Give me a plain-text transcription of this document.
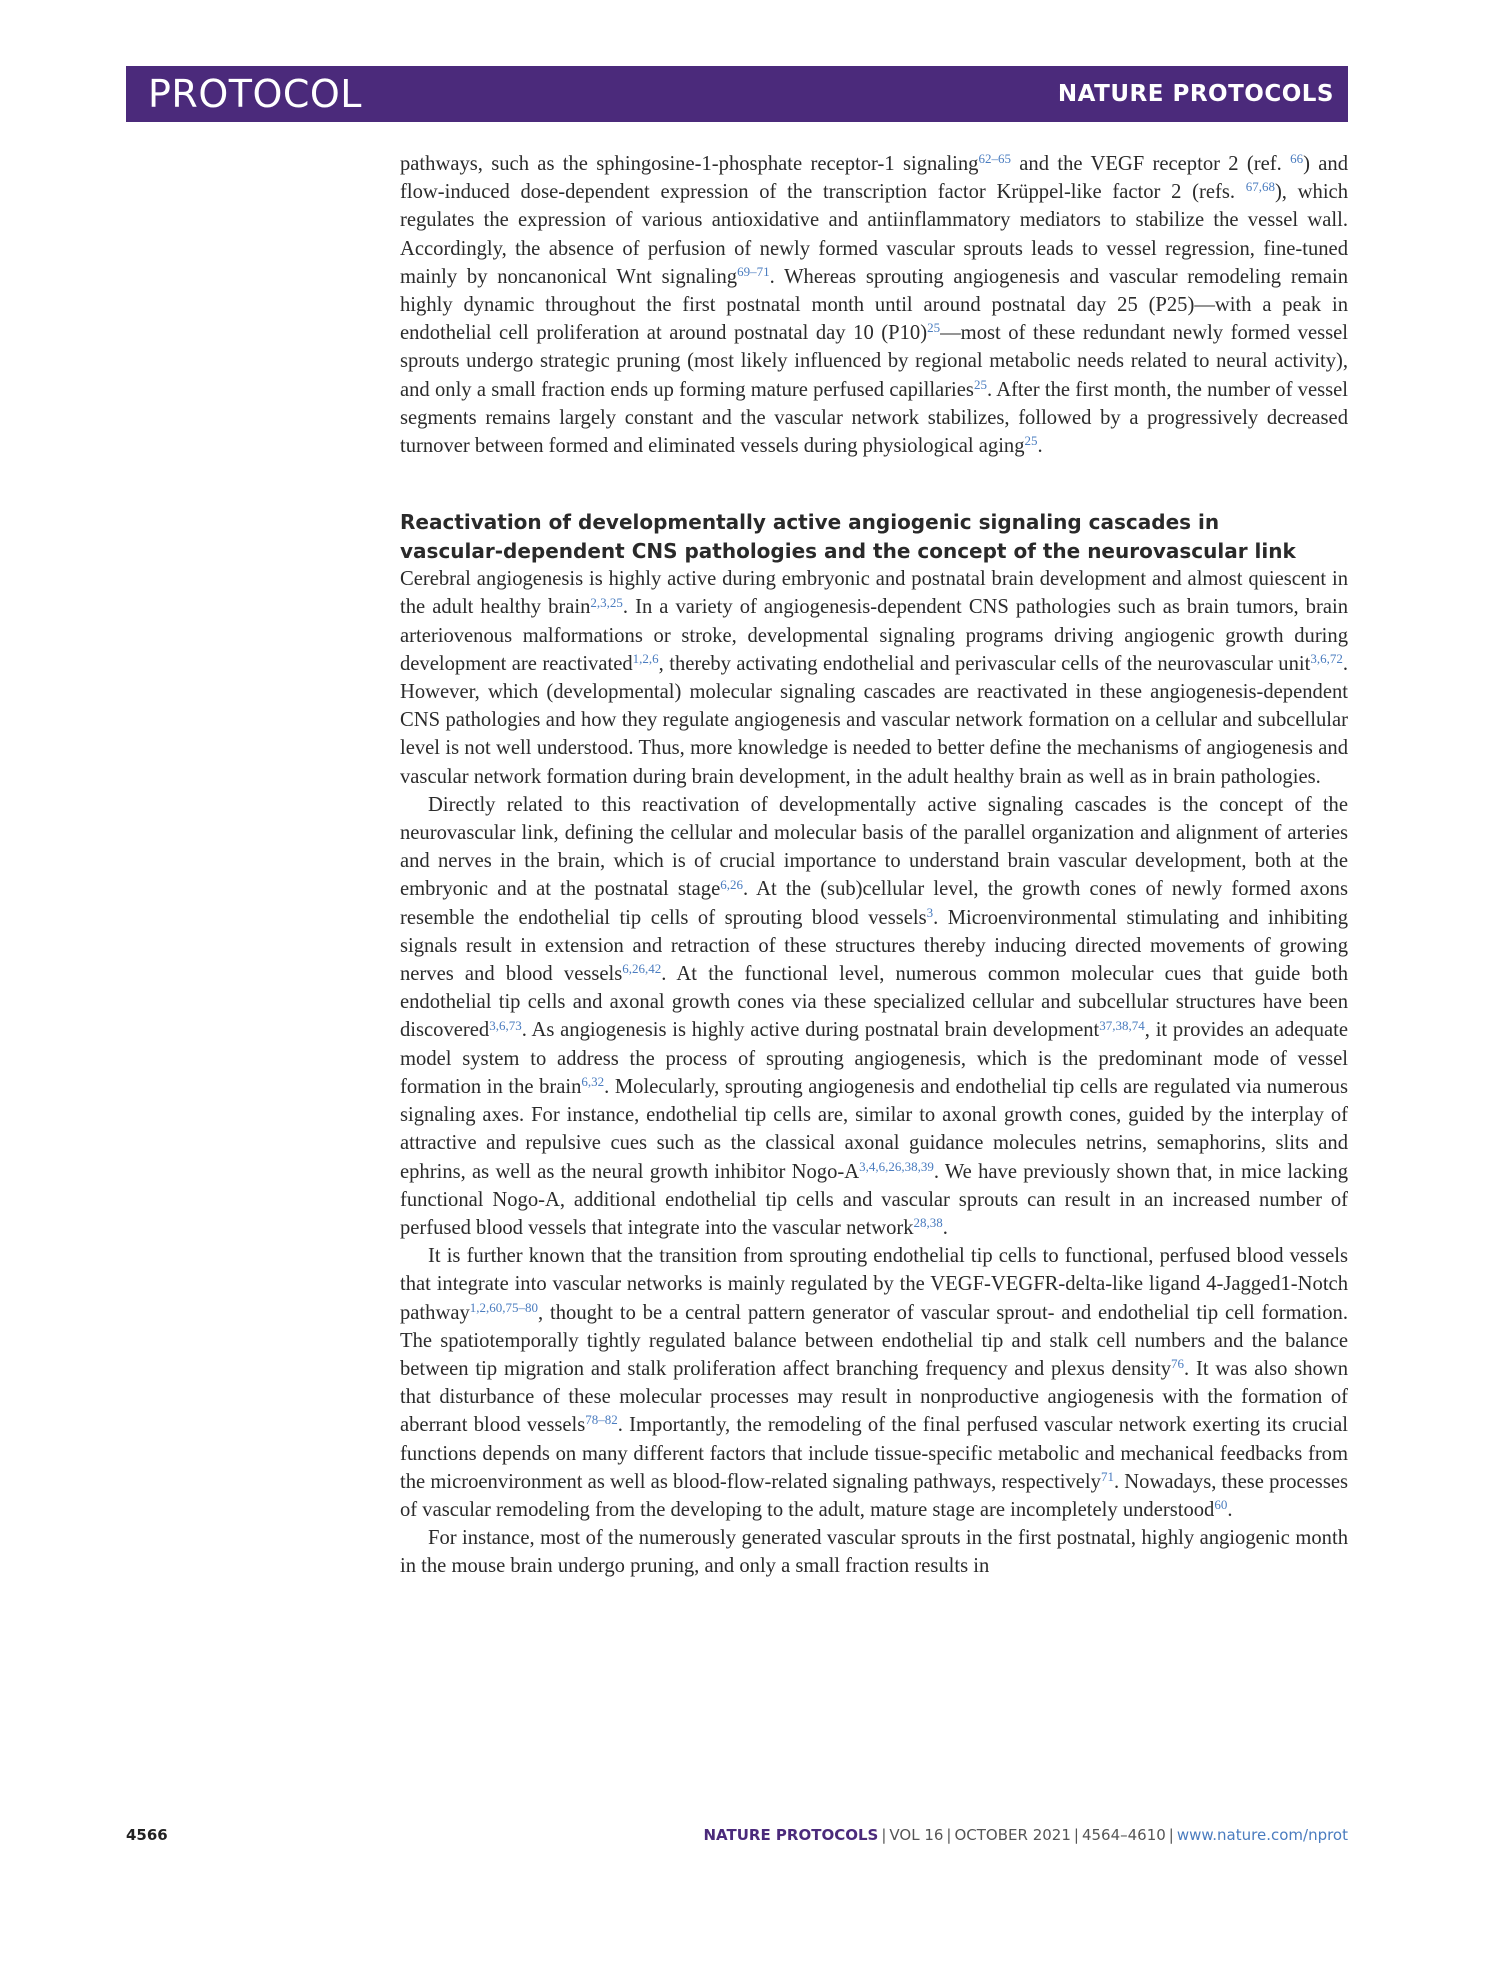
PROTOCOL	NATURE PROTOCOLS

pathways, such as the sphingosine-1-phosphate receptor-1 signaling$^{62-65}$ and the VEGF receptor 2 (ref. $^{66}$) and flow-induced dose-dependent expression of the transcription factor Krüppel-like factor 2 (refs. $^{67,68}$), which regulates the expression of various antioxidative and antiinflammatory mediators to stabilize the vessel wall. Accordingly, the absence of perfusion of newly formed vascular sprouts leads to vessel regression, fine-tuned mainly by noncanonical Wnt signaling$^{69-71}$. Whereas sprouting angiogenesis and vascular remodeling remain highly dynamic throughout the first postnatal month until around postnatal day 25 (P25)—with a peak in endothelial cell proliferation at around postnatal day 10 $(P10)^{25}—most$ of these redundant newly formed vessel sprouts undergo strategic pruning (most likely influenced by regional metabolic needs related to neural activity), and only a small fraction ends up forming mature perfused capillaries$^{25}$. After the first month, the number of vessel segments remains largely constant and the vascular network stabilizes, followed by a progressively decreased turnover between formed and eliminated vessels during physiological aging$^{25}$.

Reactivation of developmentally active angiogenic signaling cascades in
vascular-dependent CNS pathologies and the concept of the neurovascular link

Cerebral angiogenesis is highly active during embryonic and postnatal brain development and almost quiescent in the adult healthy brain$^{2,3,25}$. In a variety of angiogenesis-dependent CNS pathologies such as brain tumors, brain arteriovenous malformations or stroke, developmental signaling programs driving angiogenic growth during development are reactivated$^{1,2,6}$, thereby activating endothelial and perivascular cells of the neurovascular unit$^{3,6,72}$. However, which (developmental) molecular signaling cascades are reactivated in these angiogenesis-dependent CNS pathologies and how they regulate angiogenesis and vascular network formation on a cellular and subcellular level is not well understood. Thus, more knowledge is needed to better define the mechanisms of angiogenesis and vascular network formation during brain development, in the adult healthy brain as well as in brain pathologies.

Directly related to this reactivation of developmentally active signaling cascades is the concept of the neurovascular link, defining the cellular and molecular basis of the parallel organization and alignment of arteries and nerves in the brain, which is of crucial importance to understand brain vascular development, both at the embryonic and at the postnatal stage$^{6,26}$. At the (sub)cellular level, the growth cones of newly formed axons resemble the endothelial tip cells of sprouting blood vessels$^3$. Microenvironmental stimulating and inhibiting signals result in extension and retraction of these structures thereby inducing directed movements of growing nerves and blood vessels$^{6,26,42}$. At the functional level, numerous common molecular cues that guide both endothelial tip cells and axonal growth cones via these specialized cellular and subcellular structures have been discovered$^{3,6,73}$. As angiogenesis is highly active during postnatal brain development$^{37,38,74}$, it provides an adequate model system to address the process of sprouting angiogenesis, which is the predominant mode of vessel formation in the brain$^{6,32}$. Molecularly, sprouting angiogenesis and endothelial tip cells are regulated via numerous signaling axes. For instance, endothelial tip cells are, similar to axonal growth cones, guided by the interplay of attractive and repulsive cues such as the classical axonal guidance molecules netrins, semaphorins, slits and ephrins, as well as the neural growth inhibitor Nogo-$A^{3,4,6,26,38,39}$. We have previously shown that, in mice lacking functional Nogo-A, additional endothelial tip cells and vascular sprouts can result in an increased number of perfused blood vessels that integrate into the vascular network$^{28,38}$.

It is further known that the transition from sprouting endothelial tip cells to functional, perfused blood vessels that integrate into vascular networks is mainly regulated by the VEGF-VEGFR-delta-like ligand 4-Jagged1-Notch pathway$^{1,2,60,75-80}$, thought to be a central pattern generator of vascular sprout- and endothelial tip cell formation. The spatiotemporally tightly regulated balance between endothelial tip and stalk cell numbers and the balance between tip migration and stalk proliferation affect branching frequency and plexus density$^{76}$. It was also shown that disturbance of these molecular processes may result in nonproductive angiogenesis with the formation of aberrant blood vessels$^{78-82}$. Importantly, the remodeling of the final perfused vascular network exerting its crucial functions depends on many different factors that include tissue-specific metabolic and mechanical feedbacks from the microenvironment as well as blood-flow-related signaling pathways, respectively$^{71}$. Nowadays, these processes of vascular remodeling from the developing to the adult, mature stage are incompletely understood$^{60}$.

For instance, most of the numerously generated vascular sprouts in the first postnatal, highly angiogenic month in the mouse brain undergo pruning, and only a small fraction results in

4566	NATURE PROTOCOLS | VOL 16 | OCTOBER 2021 | 4564–4610 | www.nature.com/nprot
